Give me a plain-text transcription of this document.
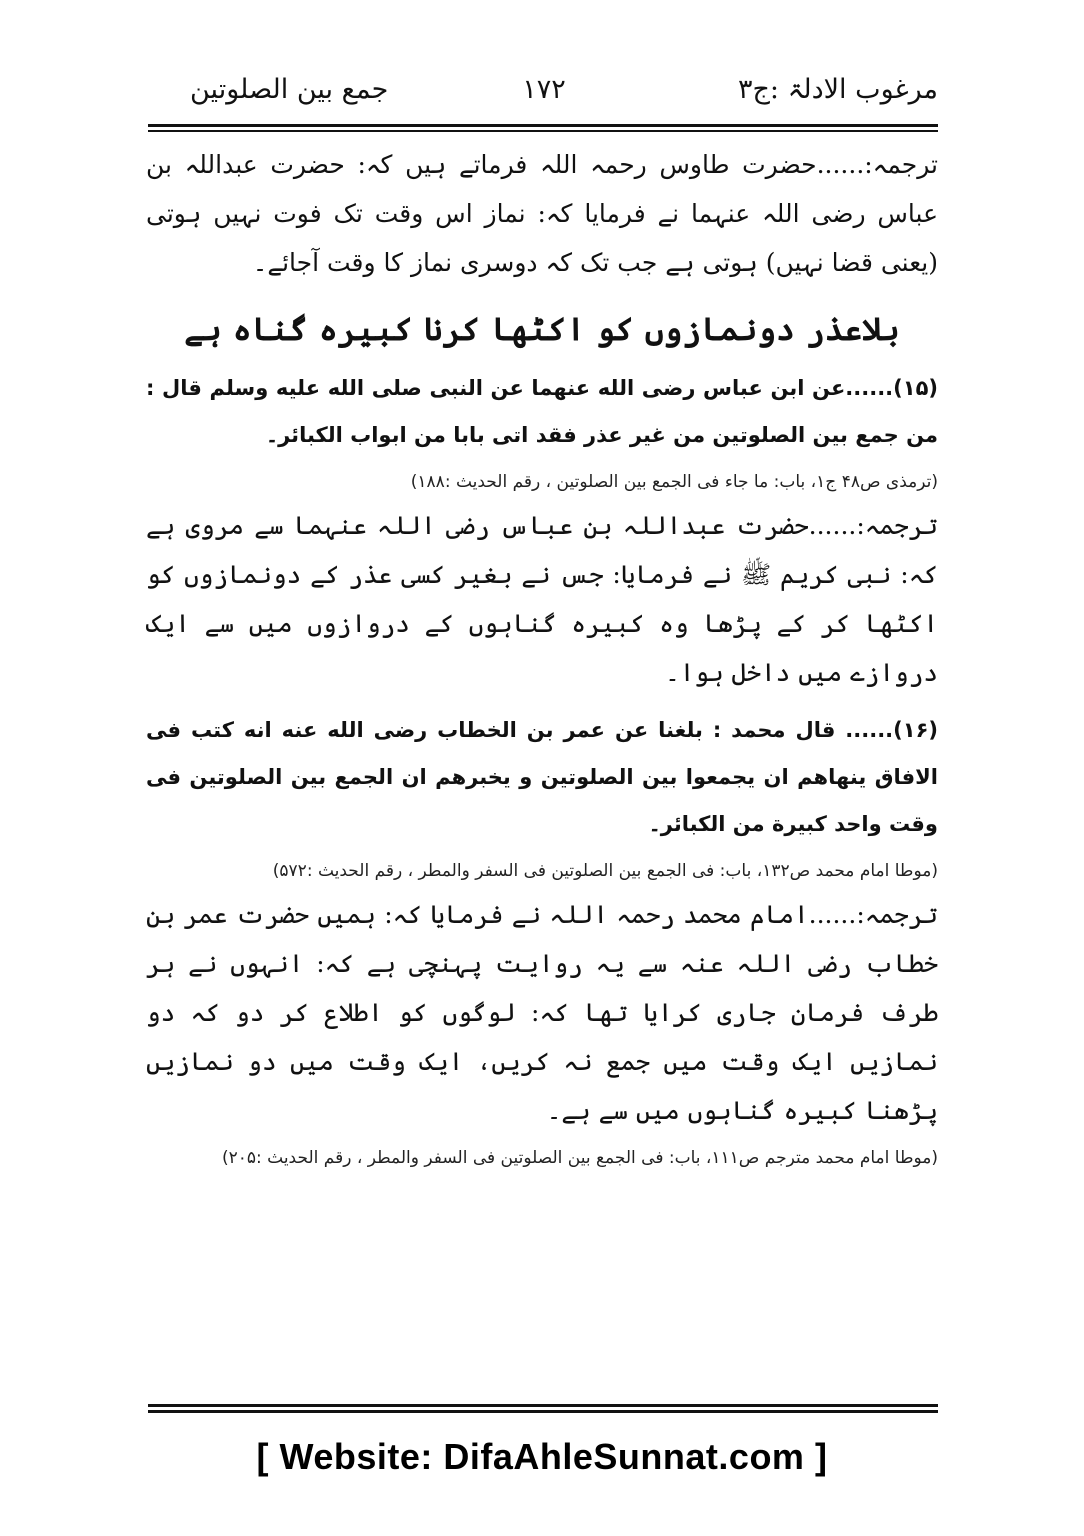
مرغوب الادلۃ :ج۳
۱۷۲
جمع بین الصلوتین

ترجمہ:......حضرت طاوس رحمہ اللہ فرماتے ہیں کہ: حضرت عبداللہ بن عباس رضی اللہ عنہما نے فرمایا کہ: نماز اس وقت تک فوت نہیں ہوتی (یعنی قضا نہیں) ہوتی ہے جب تک کہ دوسری نماز کا وقت آجائے۔

بلاعذر دونمازوں کو اکٹھا کرنا کبیرہ گناہ ہے

(۱۵)......عن ابن عباس رضی الله عنهما عن النبی صلی الله علیه وسلم قال : من جمع بین الصلوتین من غیر عذر فقد اتی بابا من ابواب الکبائر۔

(ترمذی ص۴۸ ج۱، باب: ما جاء فی الجمع بین الصلوتین ، رقم الحدیث :۱۸۸)

ترجمہ:......حضرت عبداللہ بن عباس رضی اللہ عنہما سے مروی ہے کہ: نبی کریم ﷺ نے فرمایا: جس نے بغیر کسی عذر کے دونمازوں کو اکٹھا کر کے پڑھا وہ کبیرہ گناہوں کے دروازوں میں سے ایک دروازے میں داخل ہوا۔

(۱۶)...... قال محمد : بلغنا عن عمر بن الخطاب رضی الله عنه انه کتب فی الافاق ینهاهم ان یجمعوا بین الصلوتین و یخبرهم ان الجمع بین الصلوتین فی وقت واحد کبیرة من الکبائر۔

(موطا امام محمد ص۱۳۲، باب: فی الجمع بین الصلوتین فی السفر والمطر ، رقم الحدیث :۵۷۲)

ترجمہ:......امام محمد رحمہ اللہ نے فرمایا کہ: ہمیں حضرت عمر بن خطاب رضی اللہ عنہ سے یہ روایت پہنچی ہے کہ: انہوں نے ہر طرف فرمان جاری کرایا تھا کہ: لوگوں کو اطلاع کر دو کہ دو نمازیں ایک وقت میں جمع نہ کریں، ایک وقت میں دو نمازیں پڑھنا کبیرہ گناہوں میں سے ہے۔

(موطا امام محمد مترجم ص۱۱۱، باب: فی الجمع بین الصلوتین فی السفر والمطر ، رقم الحدیث :۲۰۵)

[ Website: DifaAhleSunnat.com ]
